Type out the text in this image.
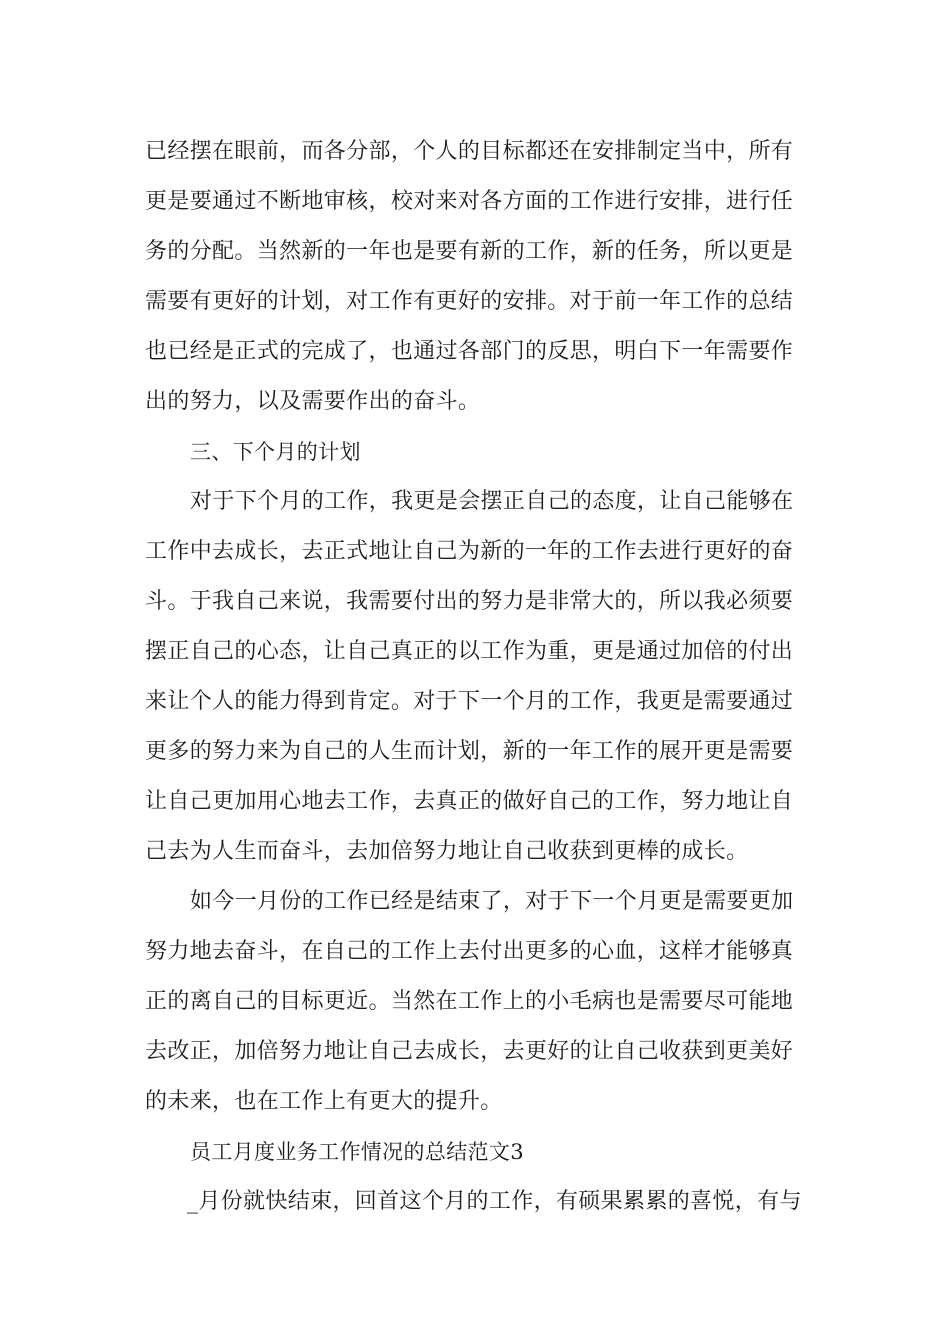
已经摆在眼前，而各分部，个人的目标都还在安排制定当中，所有
更是要通过不断地审核，校对来对各方面的工作进行安排，进行任
务的分配。当然新的一年也是要有新的工作，新的任务，所以更是
需要有更好的计划，对工作有更好的安排。对于前一年工作的总结
也已经是正式的完成了，也通过各部门的反思，明白下一年需要作
出的努力，以及需要作出的奋斗。
三、下个月的计划
对于下个月的工作，我更是会摆正自己的态度，让自己能够在
工作中去成长，去正式地让自己为新的一年的工作去进行更好的奋
斗。于我自己来说，我需要付出的努力是非常大的，所以我必须要
摆正自己的心态，让自己真正的以工作为重，更是通过加倍的付出
来让个人的能力得到肯定。对于下一个月的工作，我更是需要通过
更多的努力来为自己的人生而计划，新的一年工作的展开更是需要
让自己更加用心地去工作，去真正的做好自己的工作，努力地让自
己去为人生而奋斗，去加倍努力地让自己收获到更棒的成长。
如今一月份的工作已经是结束了，对于下一个月更是需要更加
努力地去奋斗，在自己的工作上去付出更多的心血，这样才能够真
正的离自己的目标更近。当然在工作上的小毛病也是需要尽可能地
去改正，加倍努力地让自己去成长，去更好的让自己收获到更美好
的未来，也在工作上有更大的提升。
员工月度业务工作情况的总结范文3
_月份就快结束，回首这个月的工作，有硕果累累的喜悦，有与
